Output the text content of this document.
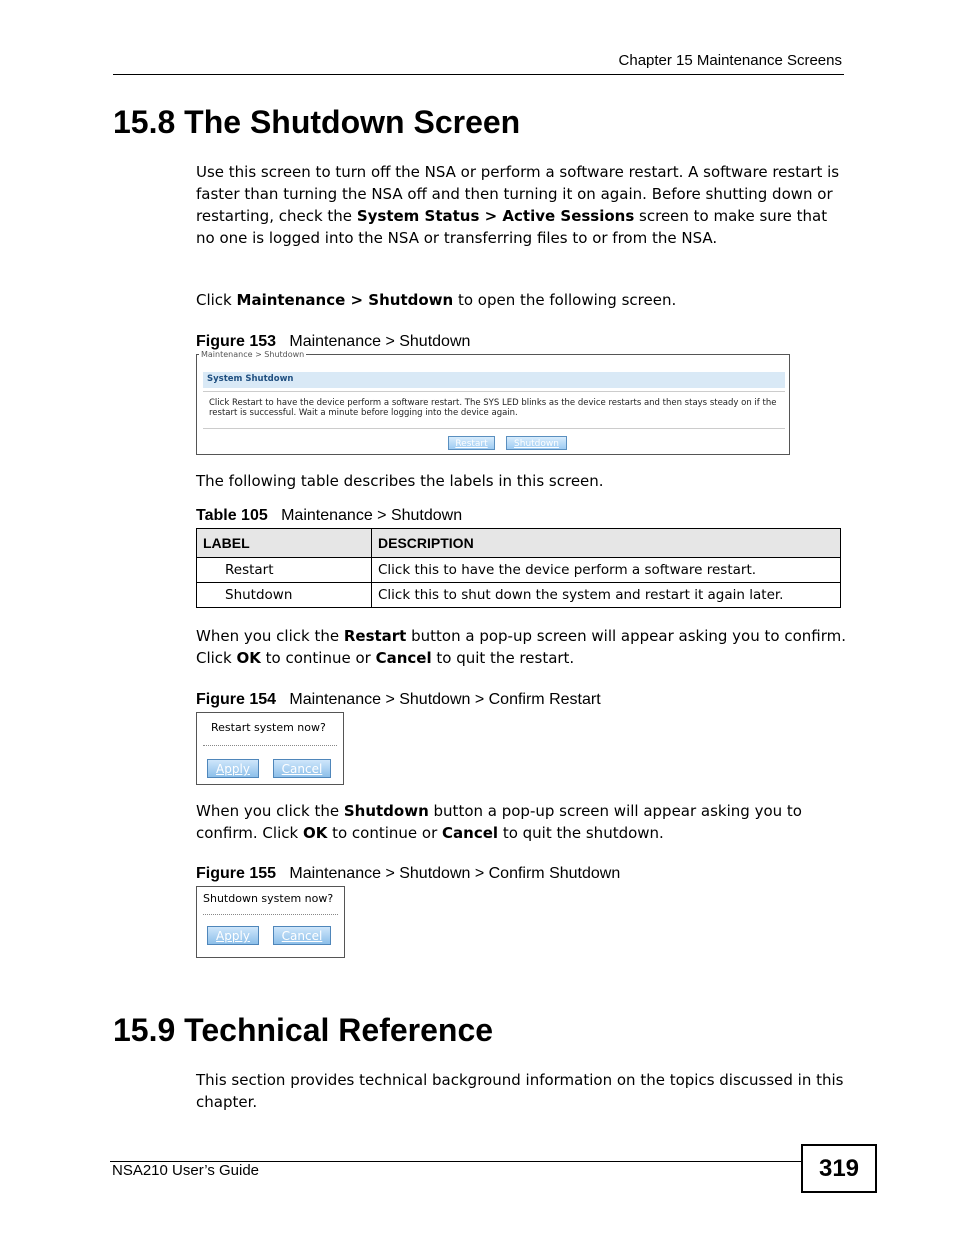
Chapter 15 Maintenance Screens
15.8 The Shutdown Screen
Use this screen to turn off the NSA or perform a software restart. A software restart is faster than turning the NSA off and then turning it on again. Before shutting down or restarting, check the System Status > Active Sessions screen to make sure that no one is logged into the NSA or transferring files to or from the NSA.
Click Maintenance > Shutdown to open the following screen.
Figure 153 Maintenance > Shutdown
Maintenance > Shutdown
System Shutdown
Click Restart to have the device perform a software restart. The SYS LED blinks as the device restarts and then stays steady on if the
restart is successful. Wait a minute before logging into the device again.
Restart	Shutdown
The following table describes the labels in this screen.
Table 105 Maintenance > Shutdown
LABEL	DESCRIPTION
Restart	Click this to have the device perform a software restart.
Shutdown	Click this to shut down the system and restart it again later.
When you click the Restart button a pop-up screen will appear asking you to confirm. Click OK to continue or Cancel to quit the restart.
Figure 154 Maintenance > Shutdown > Confirm Restart
Restart system now?
Apply	Cancel
When you click the Shutdown button a pop-up screen will appear asking you to confirm. Click OK to continue or Cancel to quit the shutdown.
Figure 155 Maintenance > Shutdown > Confirm Shutdown
Shutdown system now?
Apply	Cancel
15.9 Technical Reference
This section provides technical background information on the topics discussed in this chapter.
NSA210 User’s Guide	319
